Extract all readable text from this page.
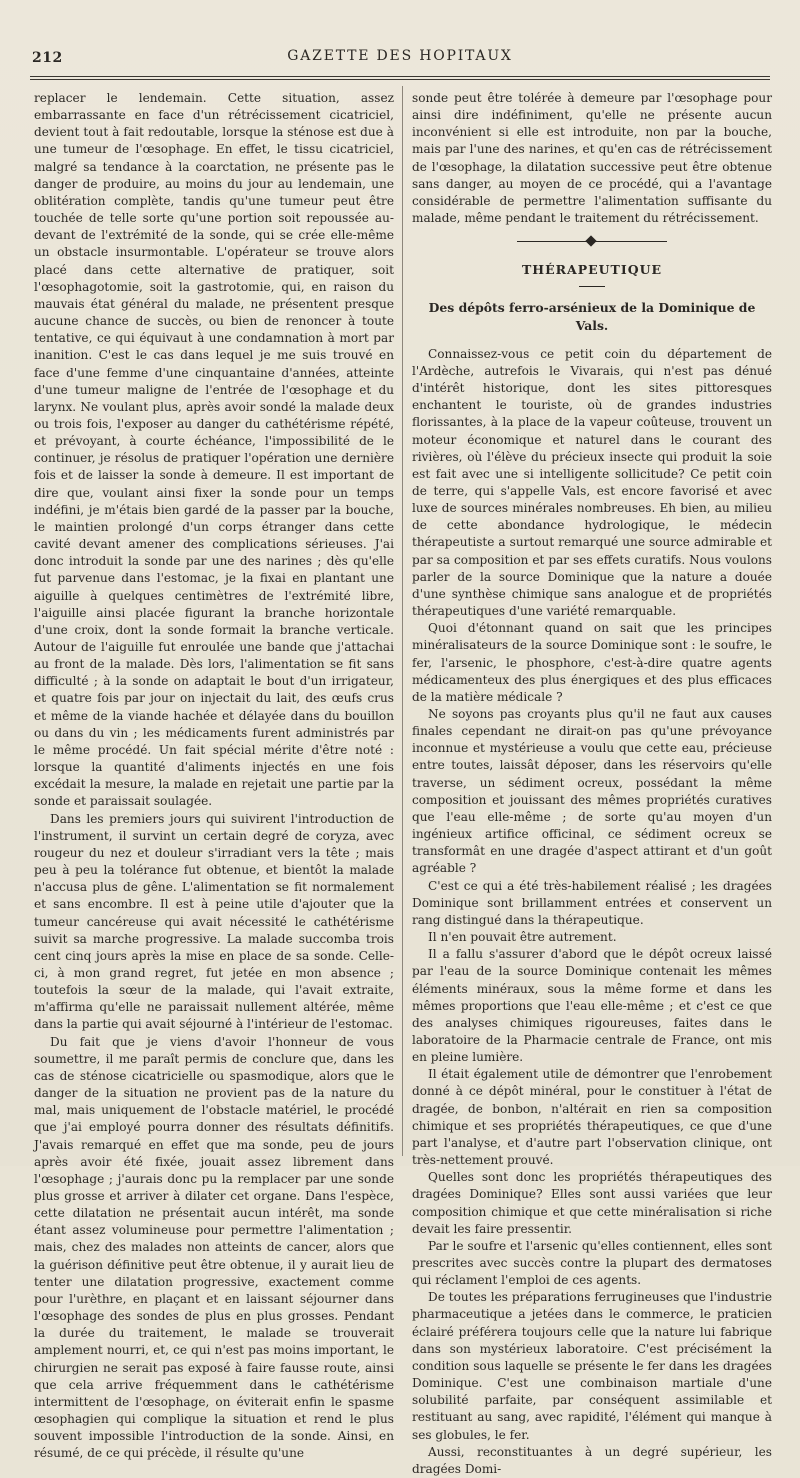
212	GAZETTE DES HOPITAUX

replacer le lendemain. Cette situation, assez embarrassante en face d'un rétrécissement cicatriciel, devient tout à fait redoutable, lorsque la sténose est due à une tumeur de l'œsophage. En effet, le tissu cicatriciel, malgré sa tendance à la coarctation, ne présente pas le danger de produire, au moins du jour au lendemain, une oblitération complète, tandis qu'une tumeur peut être touchée de telle sorte qu'une portion soit repoussée au-devant de l'extrémité de la sonde, qui se crée elle-même un obstacle insurmontable. L'opérateur se trouve alors placé dans cette alternative de pratiquer, soit l'œsophagotomie, soit la gastrotomie, qui, en raison du mauvais état général du malade, ne présentent presque aucune chance de succès, ou bien de renoncer à toute tentative, ce qui équivaut à une condamnation à mort par inanition. C'est le cas dans lequel je me suis trouvé en face d'une femme d'une cinquantaine d'années, atteinte d'une tumeur maligne de l'entrée de l'œsophage et du larynx. Ne voulant plus, après avoir sondé la malade deux ou trois fois, l'exposer au danger du cathétérisme répété, et prévoyant, à courte échéance, l'impossibilité de le continuer, je résolus de pratiquer l'opération une dernière fois et de laisser la sonde à demeure. Il est important de dire que, voulant ainsi fixer la sonde pour un temps indéfini, je m'étais bien gardé de la passer par la bouche, le maintien prolongé d'un corps étranger dans cette cavité devant amener des complications sérieuses. J'ai donc introduit la sonde par une des narines ; dès qu'elle fut parvenue dans l'estomac, je la fixai en plantant une aiguille à quelques centimètres de l'extrémité libre, l'aiguille ainsi placée figurant la branche horizontale d'une croix, dont la sonde formait la branche verticale. Autour de l'aiguille fut enroulée une bande que j'attachai au front de la malade. Dès lors, l'alimentation se fit sans difficulté ; à la sonde on adaptait le bout d'un irrigateur, et quatre fois par jour on injectait du lait, des œufs crus et même de la viande hachée et délayée dans du bouillon ou dans du vin ; les médicaments furent administrés par le même procédé. Un fait spécial mérite d'être noté : lorsque la quantité d'aliments injectés en une fois excédait la mesure, la malade en rejetait une partie par la sonde et paraissait soulagée.

Dans les premiers jours qui suivirent l'introduction de l'instrument, il survint un certain degré de coryza, avec rougeur du nez et douleur s'irradiant vers la tête ; mais peu à peu la tolérance fut obtenue, et bientôt la malade n'accusa plus de gêne. L'alimentation se fit normalement et sans encombre. Il est à peine utile d'ajouter que la tumeur cancéreuse qui avait nécessité le cathétérisme suivit sa marche progressive. La malade succomba trois cent cinq jours après la mise en place de sa sonde. Celle-ci, à mon grand regret, fut jetée en mon absence ; toutefois la sœur de la malade, qui l'avait extraite, m'affirma qu'elle ne paraissait nullement altérée, même dans la partie qui avait séjourné à l'intérieur de l'estomac.

Du fait que je viens d'avoir l'honneur de vous soumettre, il me paraît permis de conclure que, dans les cas de sténose cicatricielle ou spasmodique, alors que le danger de la situation ne provient pas de la nature du mal, mais uniquement de l'obstacle matériel, le procédé que j'ai employé pourra donner des résultats définitifs. J'avais remarqué en effet que ma sonde, peu de jours après avoir été fixée, jouait assez librement dans l'œsophage ; j'aurais donc pu la remplacer par une sonde plus grosse et arriver à dilater cet organe. Dans l'espèce, cette dilatation ne présentait aucun intérêt, ma sonde étant assez volumineuse pour permettre l'alimentation ; mais, chez des malades non atteints de cancer, alors que la guérison définitive peut être obtenue, il y aurait lieu de tenter une dilatation progressive, exactement comme pour l'urèthre, en plaçant et en laissant séjourner dans l'œsophage des sondes de plus en plus grosses. Pendant la durée du traitement, le malade se trouverait amplement nourri, et, ce qui n'est pas moins important, le chirurgien ne serait pas exposé à faire fausse route, ainsi que cela arrive fréquemment dans le cathétérisme intermittent de l'œsophage, on éviterait enfin le spasme œsophagien qui complique la situation et rend le plus souvent impossible l'introduction de la sonde. Ainsi, en résumé, de ce qui précède, il résulte qu'une

sonde peut être tolérée à demeure par l'œsophage pour ainsi dire indéfiniment, qu'elle ne présente aucun inconvénient si elle est introduite, non par la bouche, mais par l'une des narines, et qu'en cas de rétrécissement de l'œsophage, la dilatation successive peut être obtenue sans danger, au moyen de ce procédé, qui a l'avantage considérable de permettre l'alimentation suffisante du malade, même pendant le traitement du rétrécissement.

THÉRAPEUTIQUE
Des dépôts ferro-arsénieux de la Dominique de Vals.

Connaissez-vous ce petit coin du département de l'Ardèche, autrefois le Vivarais, qui n'est pas dénué d'intérêt historique, dont les sites pittoresques enchantent le touriste, où de grandes industries florissantes, à la place de la vapeur coûteuse, trouvent un moteur économique et naturel dans le courant des rivières, où l'élève du précieux insecte qui produit la soie est fait avec une si intelligente sollicitude? Ce petit coin de terre, qui s'appelle Vals, est encore favorisé et avec luxe de sources minérales nombreuses. Eh bien, au milieu de cette abondance hydrologique, le médecin thérapeutiste a surtout remarqué une source admirable et par sa composition et par ses effets curatifs. Nous voulons parler de la source Dominique que la nature a douée d'une synthèse chimique sans analogue et de propriétés thérapeutiques d'une variété remarquable.

Quoi d'étonnant quand on sait que les principes minéralisateurs de la source Dominique sont : le soufre, le fer, l'arsenic, le phosphore, c'est-à-dire quatre agents médicamenteux des plus énergiques et des plus efficaces de la matière médicale ?

Ne soyons pas croyants plus qu'il ne faut aux causes finales cependant ne dirait-on pas qu'une prévoyance inconnue et mystérieuse a voulu que cette eau, précieuse entre toutes, laissât déposer, dans les réservoirs qu'elle traverse, un sédiment ocreux, possédant la même composition et jouissant des mêmes propriétés curatives que l'eau elle-même ; de sorte qu'au moyen d'un ingénieux artifice officinal, ce sédiment ocreux se transformât en une dragée d'aspect attirant et d'un goût agréable ?

C'est ce qui a été très-habilement réalisé ; les dragées Dominique sont brillamment entrées et conservent un rang distingué dans la thérapeutique.

Il n'en pouvait être autrement.

Il a fallu s'assurer d'abord que le dépôt ocreux laissé par l'eau de la source Dominique contenait les mêmes éléments minéraux, sous la même forme et dans les mêmes proportions que l'eau elle-même ; et c'est ce que des analyses chimiques rigoureuses, faites dans le laboratoire de la Pharmacie centrale de France, ont mis en pleine lumière.

Il était également utile de démontrer que l'enrobement donné à ce dépôt minéral, pour le constituer à l'état de dragée, de bonbon, n'altérait en rien sa composition chimique et ses propriétés thérapeutiques, ce que d'une part l'analyse, et d'autre part l'observation clinique, ont très-nettement prouvé.

Quelles sont donc les propriétés thérapeutiques des dragées Dominique? Elles sont aussi variées que leur composition chimique et que cette minéralisation si riche devait les faire pressentir.

Par le soufre et l'arsenic qu'elles contiennent, elles sont prescrites avec succès contre la plupart des dermatoses qui réclament l'emploi de ces agents.

De toutes les préparations ferrugineuses que l'industrie pharmaceutique a jetées dans le commerce, le praticien éclairé préférera toujours celle que la nature lui fabrique dans son mystérieux laboratoire. C'est précisément la condition sous laquelle se présente le fer dans les dragées Dominique. C'est une combinaison martiale d'une solubilité parfaite, par conséquent assimilable et restituant au sang, avec rapidité, l'élément qui manque à ses globules, le fer.

Aussi, reconstituantes à un degré supérieur, les dragées Domi-
